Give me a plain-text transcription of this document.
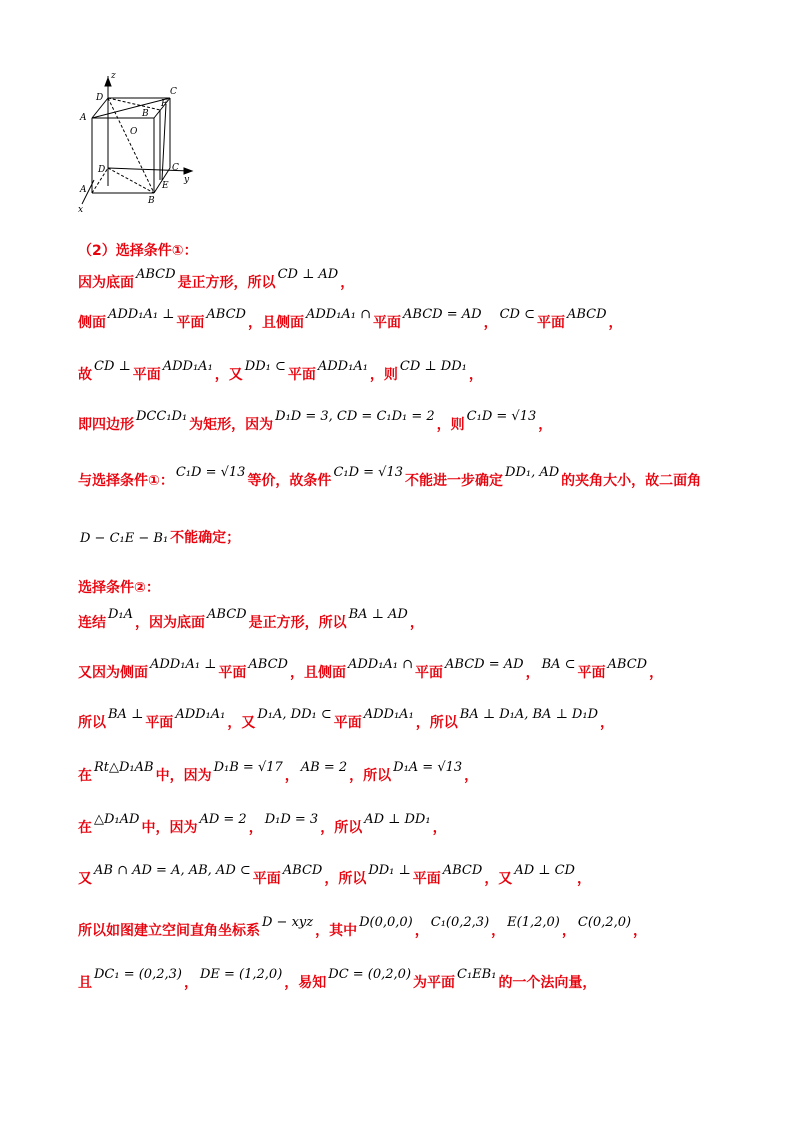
z
D
C
A	B
F
O
D	C
y
A	E
B
x
（2）选择条件①：
因为底面ABCD是正方形，所以CD ⊥ AD，
侧面ADD₁A₁ ⊥平面ABCD，且侧面ADD₁A₁ ∩平面ABCD = AD，CD ⊂平面ABCD，
故CD ⊥平面ADD₁A₁，又DD₁ ⊂平面ADD₁A₁，则CD ⊥ DD₁，
即四边形DCC₁D₁为矩形，因为D₁D = 3, CD = C₁D₁ = 2，则C₁D = √13，
与选择条件①：C₁D = √13等价，故条件C₁D = √13不能进一步确定DD₁, AD的夹角大小，故二面角
D − C₁E − B₁ 不能确定；
选择条件②：
连结D₁A，因为底面ABCD是正方形，所以BA ⊥ AD，
又因为侧面ADD₁A₁ ⊥平面ABCD，且侧面ADD₁A₁ ∩平面ABCD = AD，BA ⊂平面ABCD，
所以BA ⊥平面ADD₁A₁，又D₁A, DD₁ ⊂平面ADD₁A₁，所以BA ⊥ D₁A, BA ⊥ D₁D，
在Rt△D₁AB中，因为D₁B = √17，AB = 2，所以D₁A = √13，
在△D₁AD中，因为AD = 2，D₁D = 3，所以AD ⊥ DD₁，
又AB ∩ AD = A, AB, AD ⊂平面ABCD，所以DD₁ ⊥平面ABCD，又AD ⊥ CD，
所以如图建立空间直角坐标系D − xyz，其中D(0,0,0)，C₁(0,2,3)，E(1,2,0)，C(0,2,0)，
且DC₁ = (0,2,3)，DE = (1,2,0)，易知DC = (0,2,0)为平面C₁EB₁的一个法向量，
